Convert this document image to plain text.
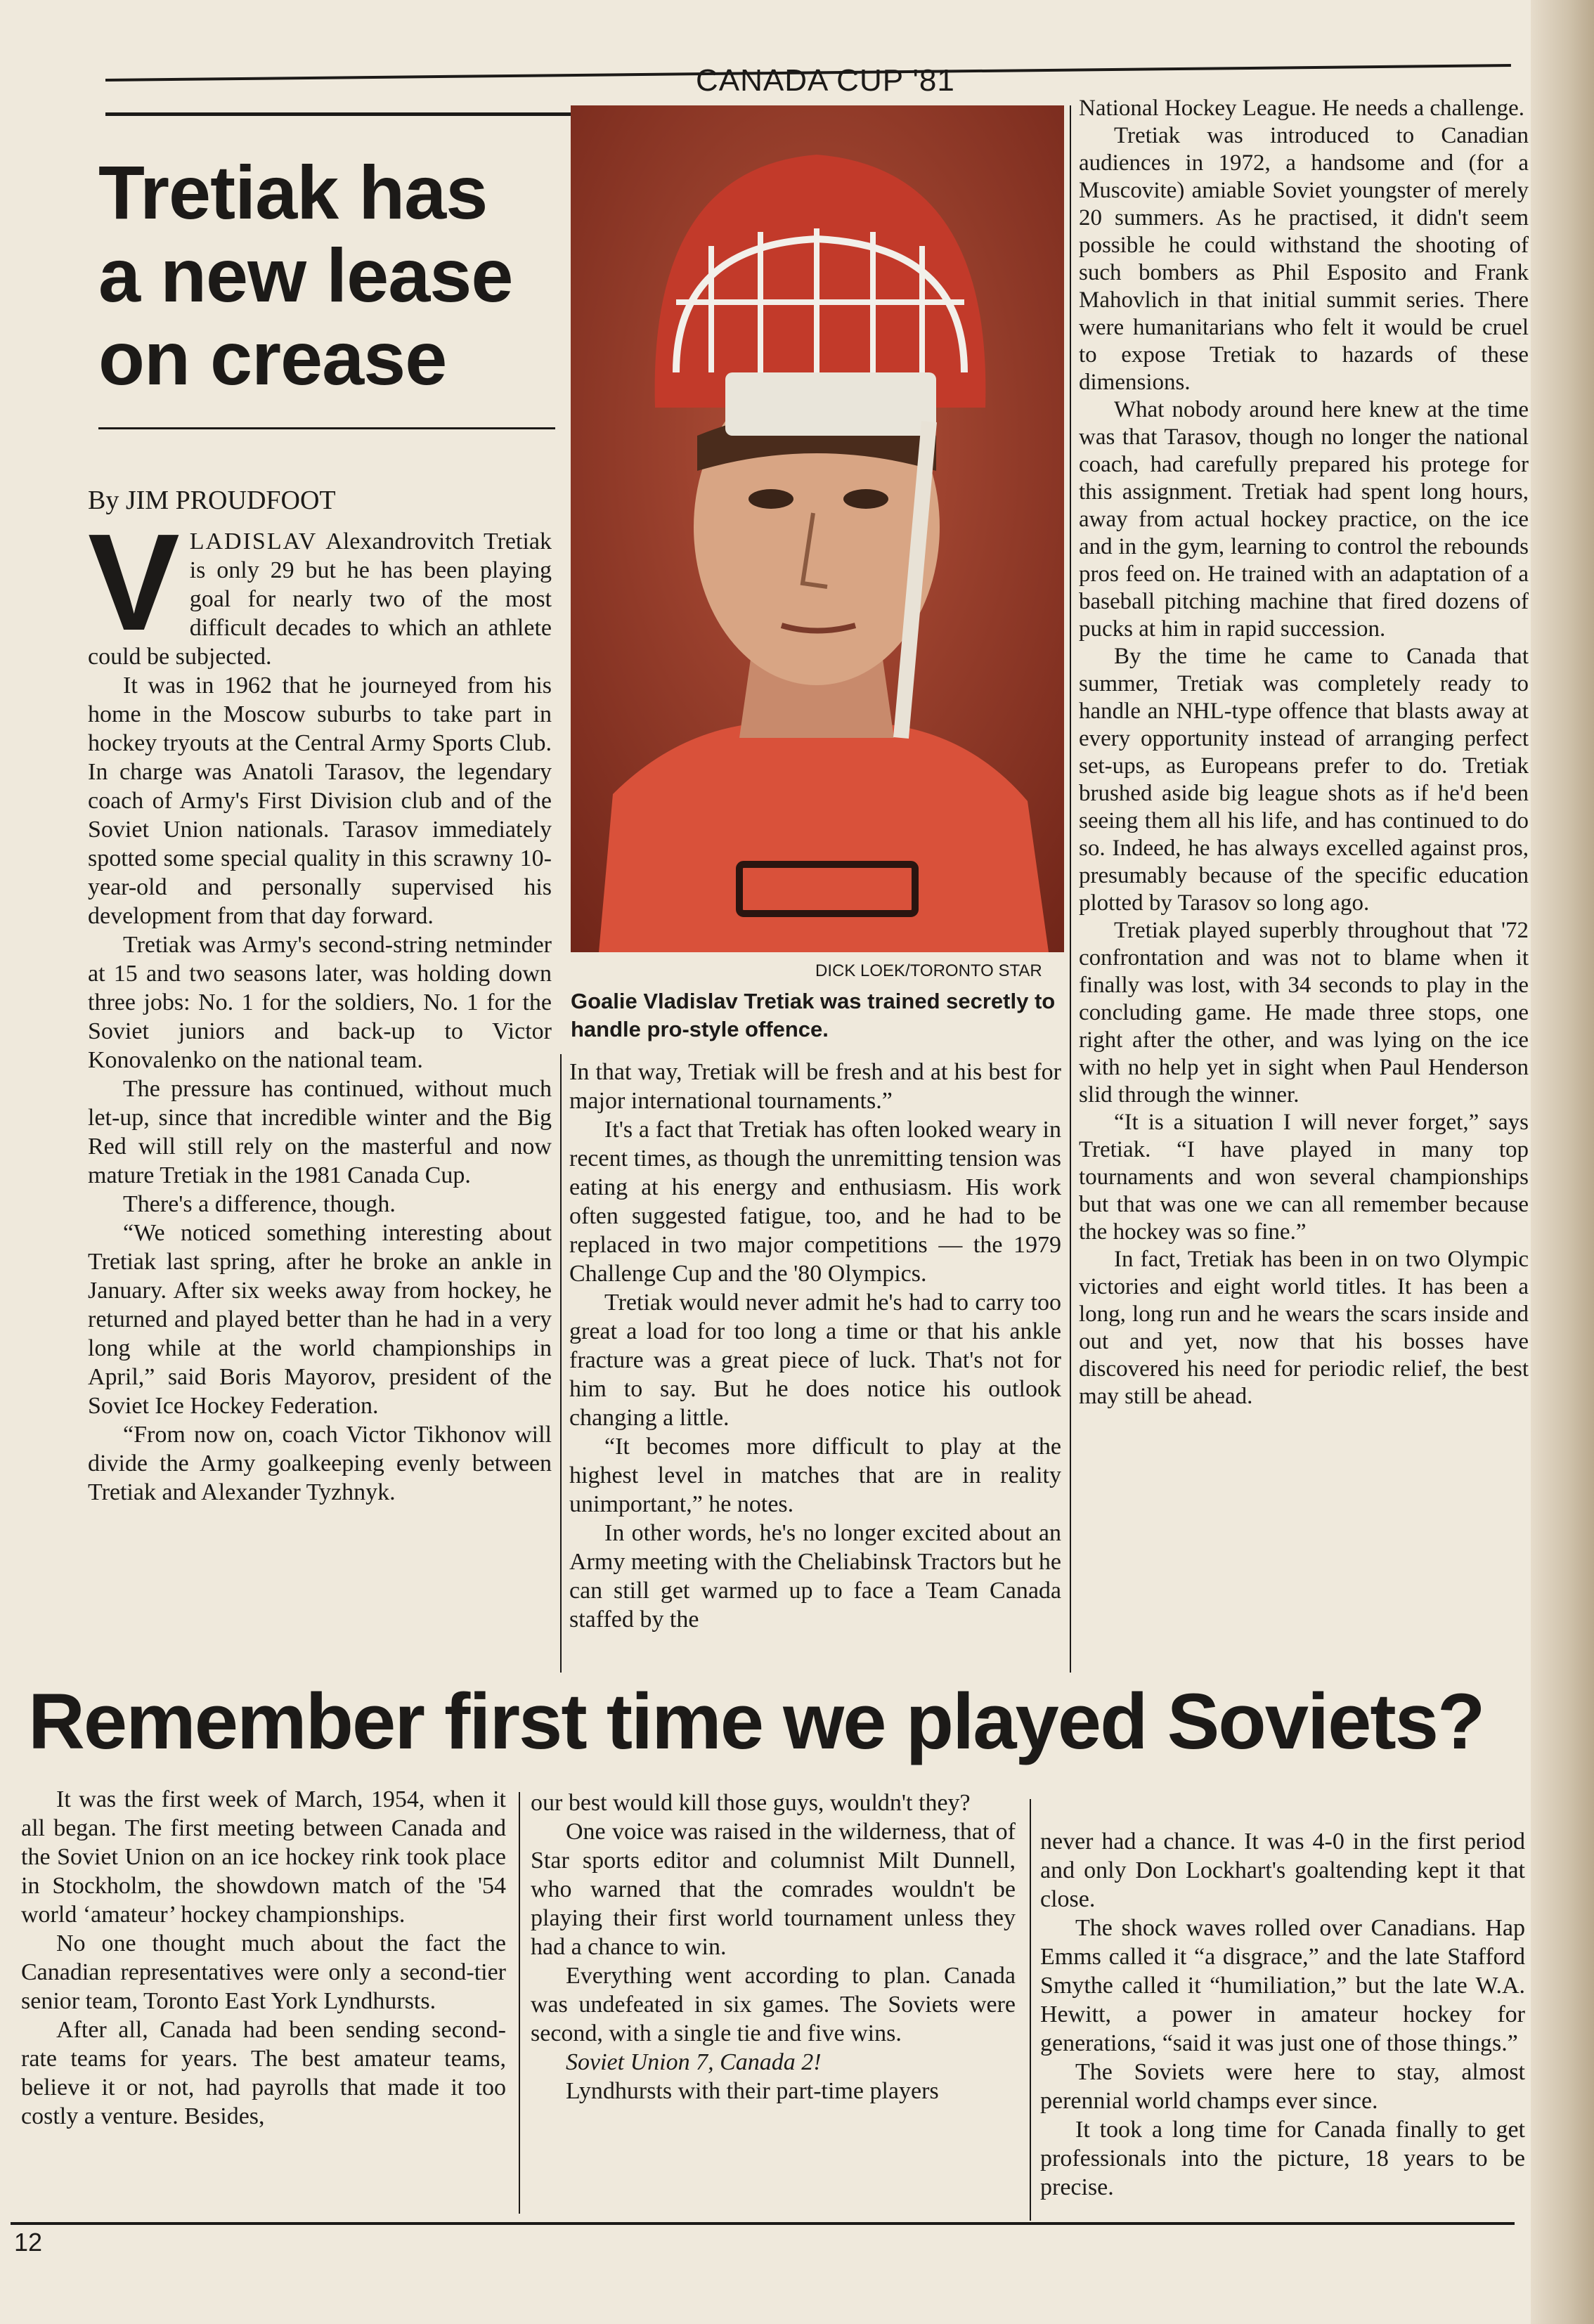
CANADA CUP '81
Tretiak has a new lease on crease
By JIM PROUDFOOT

VLADISLAV Alexandrovitch Tretiak is only 29 but he has been playing goal for nearly two of the most difficult decades to which an athlete could be subjected.

It was in 1962 that he journeyed from his home in the Moscow suburbs to take part in hockey tryouts at the Central Army Sports Club. In charge was Anatoli Tarasov, the legendary coach of Army's First Division club and of the Soviet Union nationals. Tarasov immediately spotted some special quality in this scrawny 10-year-old and personally supervised his development from that day forward.

Tretiak was Army's second-string netminder at 15 and two seasons later, was holding down three jobs: No. 1 for the soldiers, No. 1 for the Soviet juniors and back-up to Victor Konovalenko on the national team.

The pressure has continued, without much let-up, since that incredible winter and the Big Red will still rely on the masterful and now mature Tretiak in the 1981 Canada Cup.

There's a difference, though.

“We noticed something interesting about Tretiak last spring, after he broke an ankle in January. After six weeks away from hockey, he returned and played better than he had in a very long while at the world championships in April,” said Boris Mayorov, president of the Soviet Ice Hockey Federation.

“From now on, coach Victor Tikhonov will divide the Army goalkeeping evenly between Tretiak and Alexander Tyzhnyk.

DICK LOEK/TORONTO STAR
Goalie Vladislav Tretiak was trained secretly to handle pro-style offence.

In that way, Tretiak will be fresh and at his best for major international tournaments.”

It's a fact that Tretiak has often looked weary in recent times, as though the unremitting tension was eating at his energy and enthusiasm. His work often suggested fatigue, too, and he had to be replaced in two major competitions — the 1979 Challenge Cup and the '80 Olympics.

Tretiak would never admit he's had to carry too great a load for too long a time or that his ankle fracture was a great piece of luck. That's not for him to say. But he does notice his outlook changing a little.

“It becomes more difficult to play at the highest level in matches that are in reality unimportant,” he notes.

In other words, he's no longer excited about an Army meeting with the Cheliabinsk Tractors but he can still get warmed up to face a Team Canada staffed by the

National Hockey League. He needs a challenge.

Tretiak was introduced to Canadian audiences in 1972, a handsome and (for a Muscovite) amiable Soviet youngster of merely 20 summers. As he practised, it didn't seem possible he could withstand the shooting of such bombers as Phil Esposito and Frank Mahovlich in that initial summit series. There were humanitarians who felt it would be cruel to expose Tretiak to hazards of these dimensions.

What nobody around here knew at the time was that Tarasov, though no longer the national coach, had carefully prepared his protege for this assignment. Tretiak had spent long hours, away from actual hockey practice, on the ice and in the gym, learning to control the rebounds pros feed on. He trained with an adaptation of a baseball pitching machine that fired dozens of pucks at him in rapid succession.

By the time he came to Canada that summer, Tretiak was completely ready to handle an NHL-type offence that blasts away at every opportunity instead of arranging perfect set-ups, as Europeans prefer to do. Tretiak brushed aside big league shots as if he'd been seeing them all his life, and has continued to do so. Indeed, he has always excelled against pros, presumably because of the specific education plotted by Tarasov so long ago.

Tretiak played superbly throughout that '72 confrontation and was not to blame when it finally was lost, with 34 seconds to play in the concluding game. He made three stops, one right after the other, and was lying on the ice with no help yet in sight when Paul Henderson slid through the winner.

“It is a situation I will never forget,” says Tretiak. “I have played in many top tournaments and won several championships but that was one we can all remember because the hockey was so fine.”

In fact, Tretiak has been in on two Olympic victories and eight world titles. It has been a long, long run and he wears the scars inside and out and yet, now that his bosses have discovered his need for periodic relief, the best may still be ahead.

Remember first time we played Soviets?

It was the first week of March, 1954, when it all began. The first meeting between Canada and the Soviet Union on an ice hockey rink took place in Stockholm, the showdown match of the '54 world ‘amateur’ hockey championships.

No one thought much about the fact the Canadian representatives were only a second-tier senior team, Toronto East York Lyndhursts.

After all, Canada had been sending second-rate teams for years. The best amateur teams, believe it or not, had payrolls that made it too costly a venture. Besides,

our best would kill those guys, wouldn't they?

One voice was raised in the wilderness, that of Star sports editor and columnist Milt Dunnell, who warned that the comrades wouldn't be playing their first world tournament unless they had a chance to win.

Everything went according to plan. Canada was undefeated in six games. The Soviets were second, with a single tie and five wins.

Soviet Union 7, Canada 2!

Lyndhursts with their part-time players

never had a chance. It was 4-0 in the first period and only Don Lockhart's goaltending kept it that close.

The shock waves rolled over Canadians. Hap Emms called it “a disgrace,” and the late Stafford Smythe called it “humiliation,” but the late W.A. Hewitt, a power in amateur hockey for generations, “said it was just one of those things.”

The Soviets were here to stay, almost perennial world champs ever since.

It took a long time for Canada finally to get professionals into the picture, 18 years to be precise.

12
